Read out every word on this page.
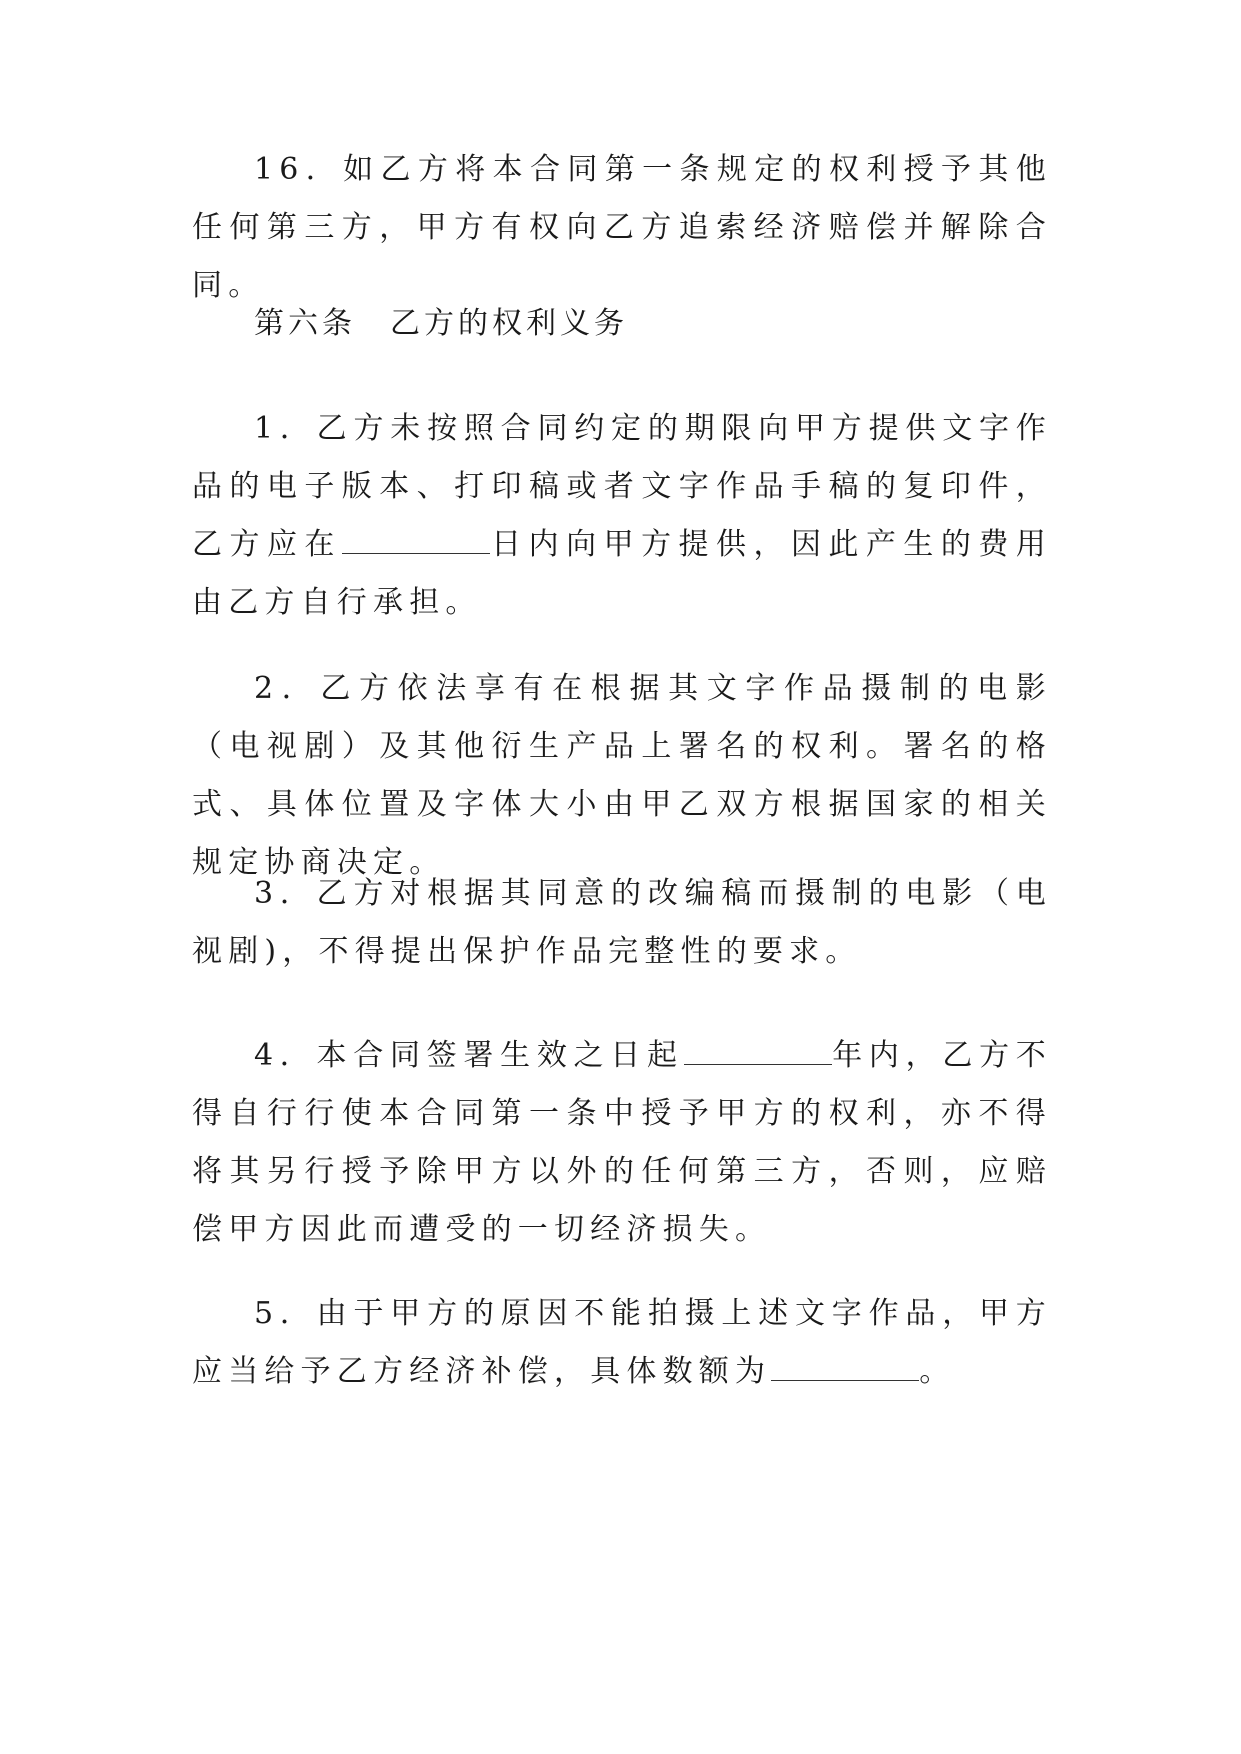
16．如乙方将本合同第一条规定的权利授予其他任何第三方，甲方有权向乙方追索经济赔偿并解除合同。

第六条　乙方的权利义务

1．乙方未按照合同约定的期限向甲方提供文字作品的电子版本、打印稿或者文字作品手稿的复印件，乙方应在	日内向甲方提供，因此产生的费用由乙方自行承担。

2．乙方依法享有在根据其文字作品摄制的电影（电视剧）及其他衍生产品上署名的权利。署名的格式、具体位置及字体大小由甲乙双方根据国家的相关规定协商决定。

3．乙方对根据其同意的改编稿而摄制的电影（电视剧)，不得提出保护作品完整性的要求。

4．本合同签署生效之日起	年内，乙方不得自行行使本合同第一条中授予甲方的权利，亦不得将其另行授予除甲方以外的任何第三方，否则，应赔偿甲方因此而遭受的一切经济损失。

5．由于甲方的原因不能拍摄上述文字作品，甲方应当给予乙方经济补偿，具体数额为	。
